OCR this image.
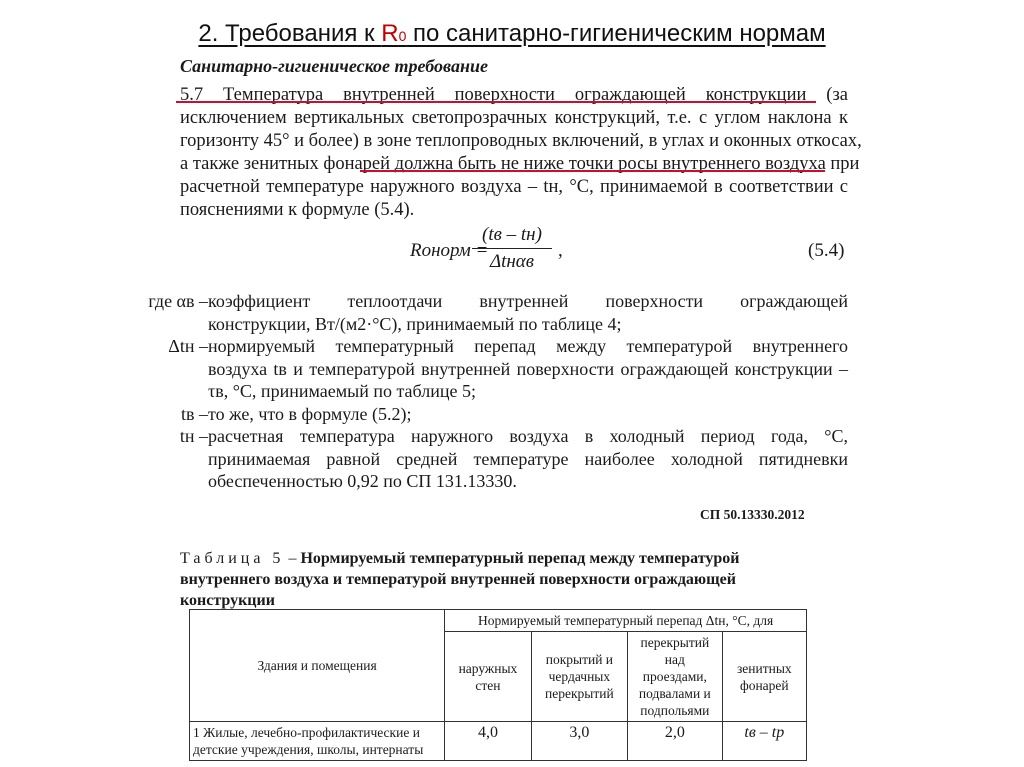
2. Требования к R0 по санитарно-гигиеническим нормам

Санитарно-гигиеническое требование

5.7 Температура внутренней поверхности ограждающей конструкции (за
исключением вертикальных светопрозрачных конструкций, т.е. с углом наклона к
горизонту 45° и более) в зоне теплопроводных включений, в углах и оконных откосах,
а также зенитных фонарей должна быть не ниже точки росы внутреннего воздуха при
расчетной температуре наружного воздуха – tн, °С, принимаемой в соответствии с
пояснениями к формуле (5.4).
Rонорм =
(tв – tн)
Δtнαв
,	(5.4)
где αв – коэффициент теплоотдачи внутренней поверхности ограждающей
конструкции, Вт/(м2·°С), принимаемый по таблице 4;
Δtн – нормируемый температурный перепад между температурой внутреннего
воздуха tв и температурой внутренней поверхности ограждающей конструкции –
τв, °С, принимаемый по таблице 5;
tв – то же, что в формуле (5.2);
tн – расчетная температура наружного воздуха в холодный период года, °С,
принимаемая равной средней температуре наиболее холодной пятидневки
обеспеченностью 0,92 по СП 131.13330.

СП 50.13330.2012

Таблица 5 – Нормируемый температурный перепад между температурой внутреннего воздуха и температурой внутренней поверхности ограждающей конструкции

Здания и помещения	Нормируемый температурный перепад Δtн, °С, для			
	наружных стен	покрытий и чердачных перекрытий	перекрытий над проездами, подвалами и подпольями	зенитных фонарей
1 Жилые, лечебно-профилактические и детские учреждения, школы, интернаты	4,0	3,0	2,0	tв – tр
